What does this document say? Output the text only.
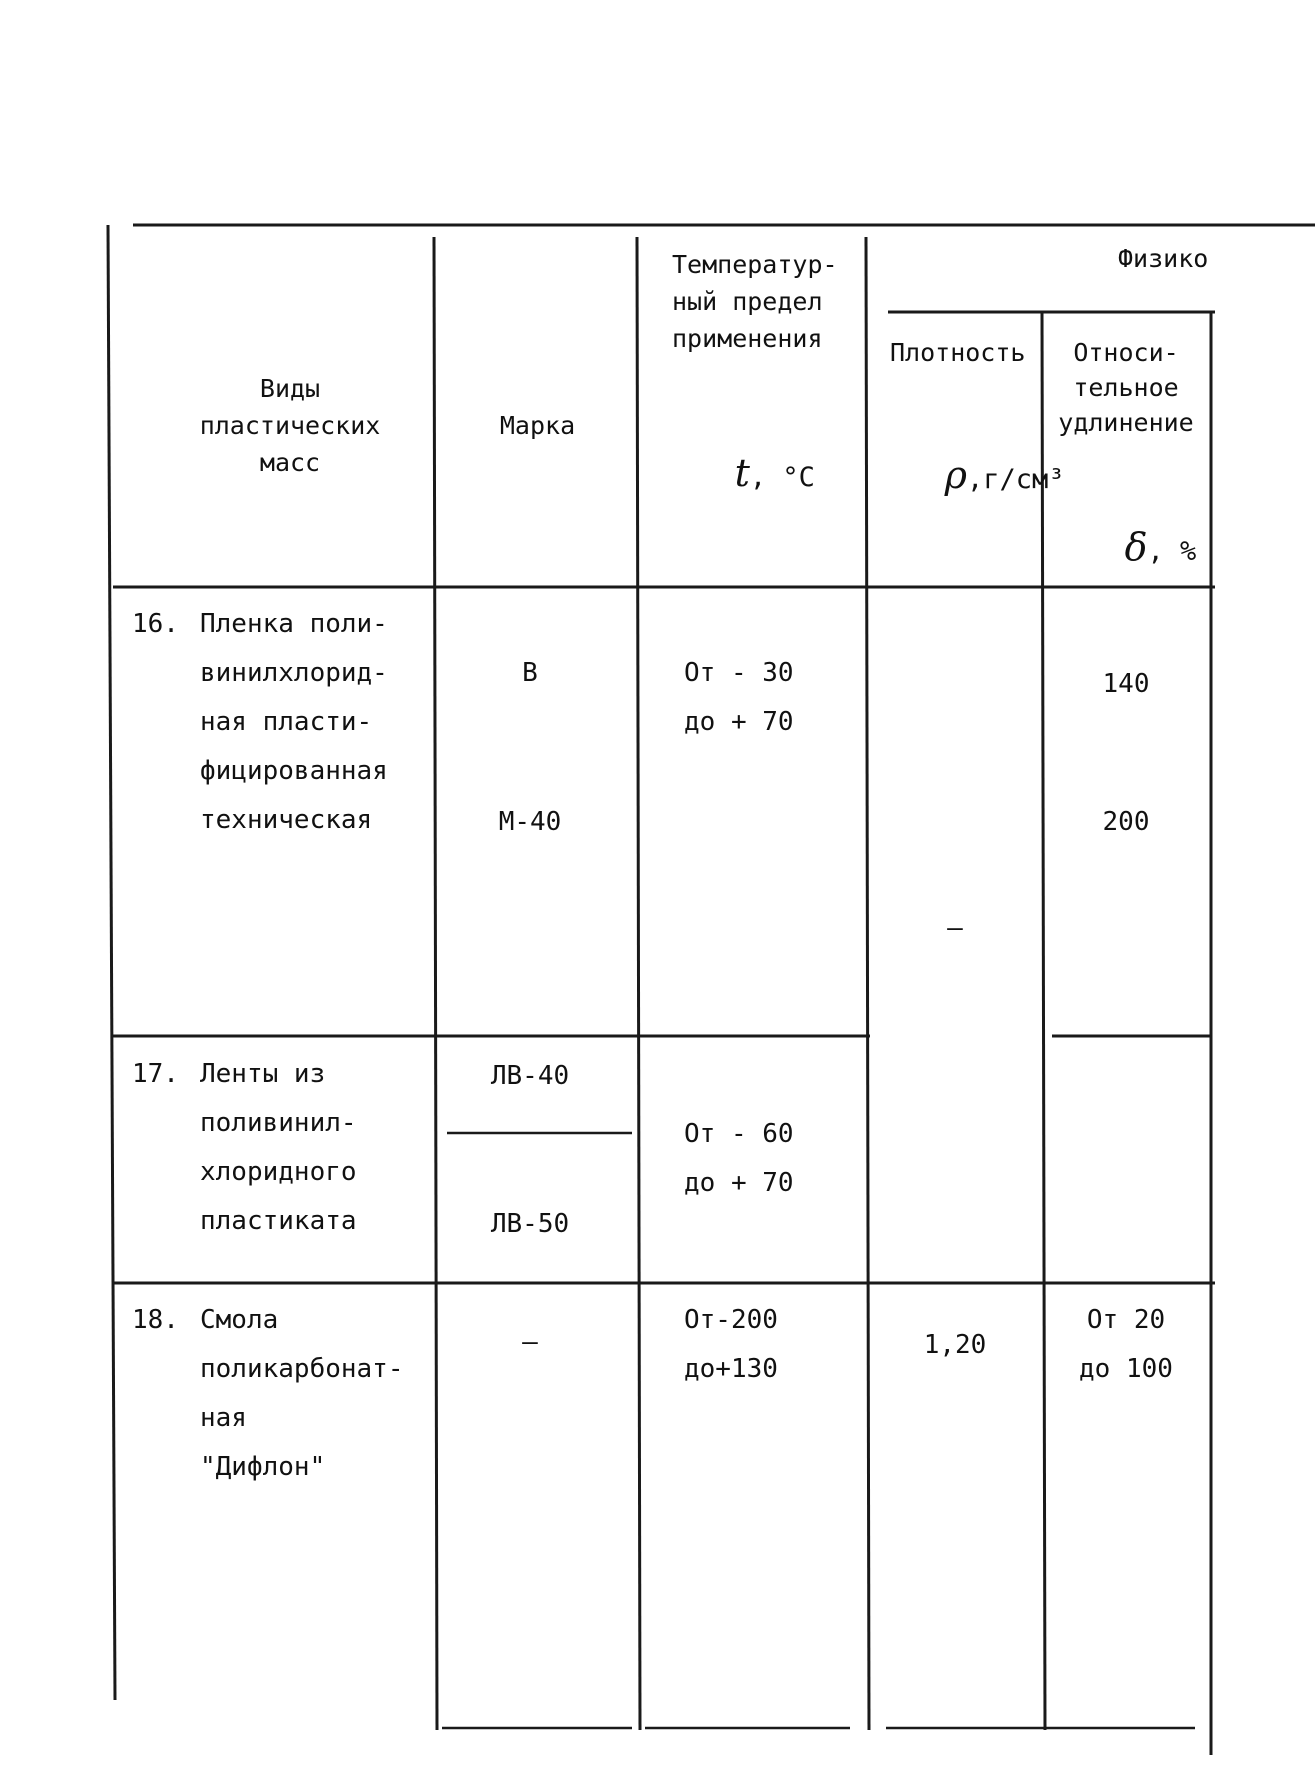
Виды
пластических
масс
Марка
Температур-
ный предел
применения

t, °C

Физико
Плотность

ρ,г/см³

Относи-
тельное
удлинение

δ, %

16. Пленка поли-
винилхлорид-
ная пласти-
фицированная
техническая
В
М-40
От - 30
до + 70
—
140
200
17. Ленты из
поливинил-
хлоридного
пластиката
ЛВ-40
ЛВ-50
От - 60
до + 70
18. Смола
поликарбонат-
ная
"Дифлон"
—
От-200
до+130
1,20
От 20
до 100
